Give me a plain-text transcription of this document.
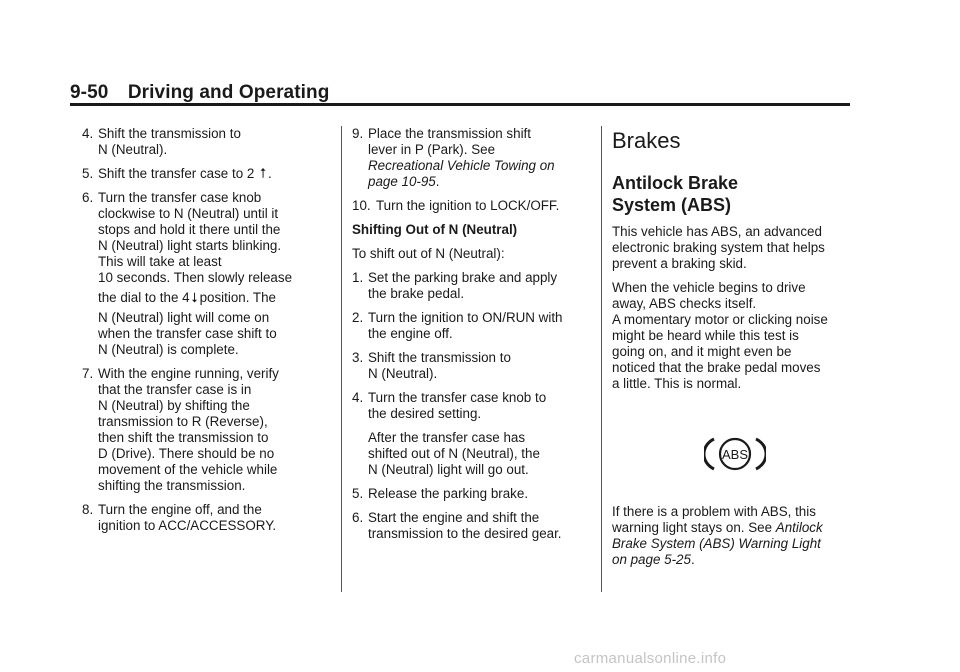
9-50 Driving and Operating
4. Shift the transmission to
N (Neutral).
5. Shift the transfer case to 2 ⭡ .
6. Turn the transfer case knob
clockwise to N (Neutral) until it
stops and hold it there until the
N (Neutral) light starts blinking.
This will take at least
10 seconds. Then slowly release
the dial to the 4 ⭣ position. The
N (Neutral) light will come on
when the transfer case shift to
N (Neutral) is complete.
7. With the engine running, verify
that the transfer case is in
N (Neutral) by shifting the
transmission to R (Reverse),
then shift the transmission to
D (Drive). There should be no
movement of the vehicle while
shifting the transmission.
8. Turn the engine off, and the
ignition to ACC/ACCESSORY.
9. Place the transmission shift
lever in P (Park). See
Recreational Vehicle Towing on
page 10-95.
10. Turn the ignition to LOCK/OFF.
Shifting Out of N (Neutral)
To shift out of N (Neutral):
1. Set the parking brake and apply
the brake pedal.
2. Turn the ignition to ON/RUN with
the engine off.
3. Shift the transmission to
N (Neutral).
4. Turn the transfer case knob to
the desired setting.
After the transfer case has
shifted out of N (Neutral), the
N (Neutral) light will go out.
5. Release the parking brake.
6. Start the engine and shift the
transmission to the desired gear.
Brakes
Antilock Brake
System (ABS)
This vehicle has ABS, an advanced
electronic braking system that helps
prevent a braking skid.
When the vehicle begins to drive
away, ABS checks itself.
A momentary motor or clicking noise
might be heard while this test is
going on, and it might even be
noticed that the brake pedal moves
a little. This is normal.
ABS
If there is a problem with ABS, this
warning light stays on. See Antilock
Brake System (ABS) Warning Light
on page 5-25.
carmanualsonline.info
